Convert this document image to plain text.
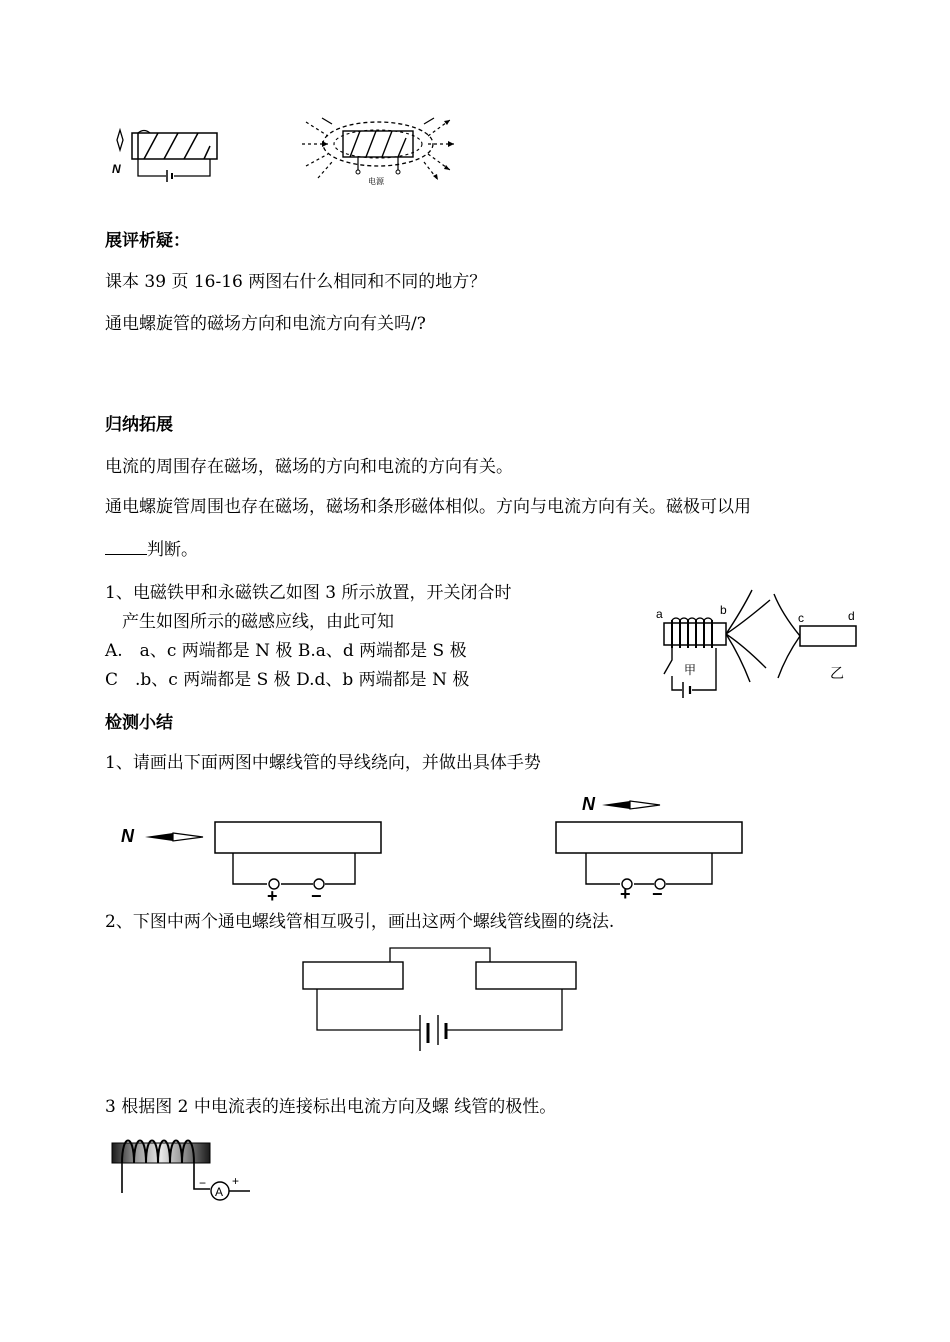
N
电源
展评析疑：
课本 39 页 16-16 两图右什么相同和不同的地方？
通电螺旋管的磁场方向和电流方向有关吗/?
归纳拓展
电流的周围存在磁场，磁场的方向和电流的方向有关。
通电螺旋管周围也存在磁场，磁场和条形磁体相似。方向与电流方向有关。磁极可以用
判断。
1、电磁铁甲和永磁铁乙如图 3 所示放置，开关闭合时
产生如图所示的磁感应线，由此可知
A.　a、c 两端都是 N 极 B.a、d 两端都是 S 极
C　.b、c 两端都是 S 极 D.d、b 两端都是 N 极
a	b
c	d
甲	乙
检测小结
1、请画出下面两图中螺线管的导线绕向，并做出具体手势
N
+ −
N
+ −
2、下图中两个通电螺线管相互吸引，画出这两个螺线管线圈的绕法.
3 根据图 2 中电流表的连接标出电流方向及螺 线管的极性。
A
− +
